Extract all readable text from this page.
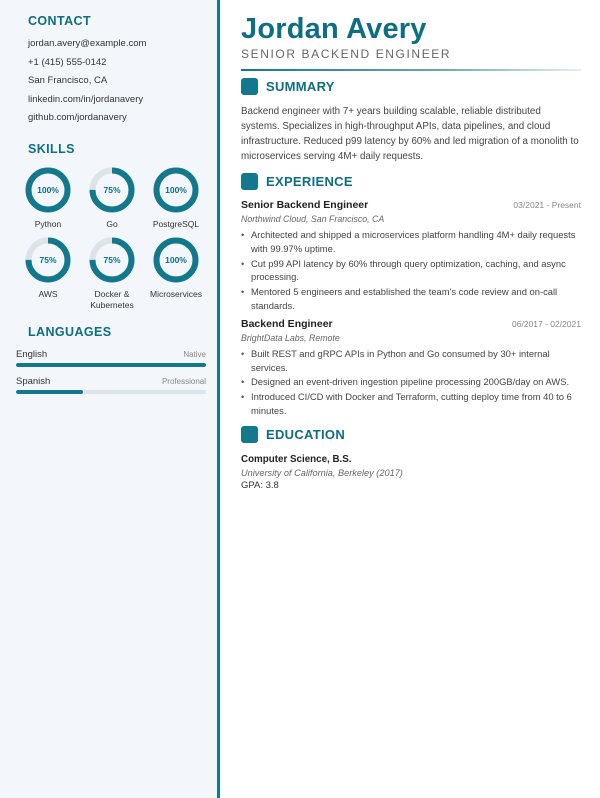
CONTACT
jordan.avery@example.com
+1 (415) 555-0142
San Francisco, CA
linkedin.com/in/jordanavery
github.com/jordanavery
SKILLS
100%
Python
75%
Go
100%
PostgreSQL
75%
AWS
75%
Docker & Kubernetes
100%
Microservices
LANGUAGES
English	Native
Spanish	Professional
Jordan Avery
SENIOR BACKEND ENGINEER
SUMMARY
Backend engineer with 7+ years building scalable, reliable distributed systems. Specializes in high-throughput APIs, data pipelines, and cloud infrastructure. Reduced p99 latency by 60% and led migration of a monolith to microservices serving 4M+ daily requests.
EXPERIENCE
Senior Backend Engineer	03/2021 - Present
Northwind Cloud, San Francisco, CA
• Architected and shipped a microservices platform handling 4M+ daily requests with 99.97% uptime.
• Cut p99 API latency by 60% through query optimization, caching, and async processing.
• Mentored 5 engineers and established the team's code review and on-call standards.
Backend Engineer	06/2017 - 02/2021
BrightData Labs, Remote
• Built REST and gRPC APIs in Python and Go consumed by 30+ internal services.
• Designed an event-driven ingestion pipeline processing 200GB/day on AWS.
• Introduced CI/CD with Docker and Terraform, cutting deploy time from 40 to 6 minutes.
EDUCATION
Computer Science, B.S.
University of California, Berkeley (2017)
GPA: 3.8
